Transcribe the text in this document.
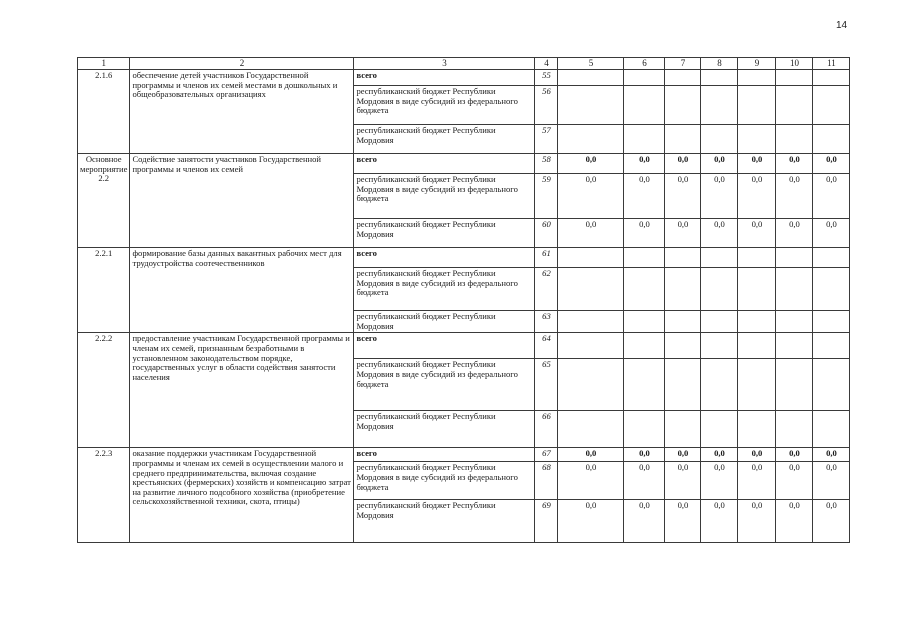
14
1	2	3	4	5	6	7	8	9	10	11
2.1.6	обеспечение детей участников Государственной программы и членов их семей местами в дошкольных и общеобразовательных организациях	всего	55							
		республиканский бюджет Республики Мордовия в виде субсидий из федерального бюджета	56							
		республиканский бюджет Республики Мордовия	57							
Основное мероприятие 2.2	Содействие занятости участников Государственной программы и членов их семей	всего	58	0,0	0,0	0,0	0,0	0,0	0,0	0,0
		республиканский бюджет Республики Мордовия в виде субсидий из федерального бюджета	59	0,0	0,0	0,0	0,0	0,0	0,0	0,0
		республиканский бюджет Республики Мордовия	60	0,0	0,0	0,0	0,0	0,0	0,0	0,0
2.2.1	формирование базы данных вакантных рабочих мест для трудоустройства соотечественников	всего	61							
		республиканский бюджет Республики Мордовия в виде субсидий из федерального бюджета	62							
		республиканский бюджет Республики Мордовия	63							
2.2.2	предоставление участникам Государственной программы и членам их семей, признанным безработными в установленном законодательством порядке, государственных услуг в области содействия занятости населения	всего	64							
		республиканский бюджет Республики Мордовия в виде субсидий из федерального бюджета	65							
		республиканский бюджет Республики Мордовия	66							
2.2.3	оказание поддержки участникам Государственной программы и членам их семей в осуществлении малого и среднего предпринимательства, включая создание крестьянских (фермерских) хозяйств и компенсацию затрат на развитие личного подсобного хозяйства (приобретение сельскохозяйственной техники, скота, птицы)	всего	67	0,0	0,0	0,0	0,0	0,0	0,0	0,0
		республиканский бюджет Республики Мордовия в виде субсидий из федерального бюджета	68	0,0	0,0	0,0	0,0	0,0	0,0	0,0
		республиканский бюджет Республики Мордовия	69	0,0	0,0	0,0	0,0	0,0	0,0	0,0
